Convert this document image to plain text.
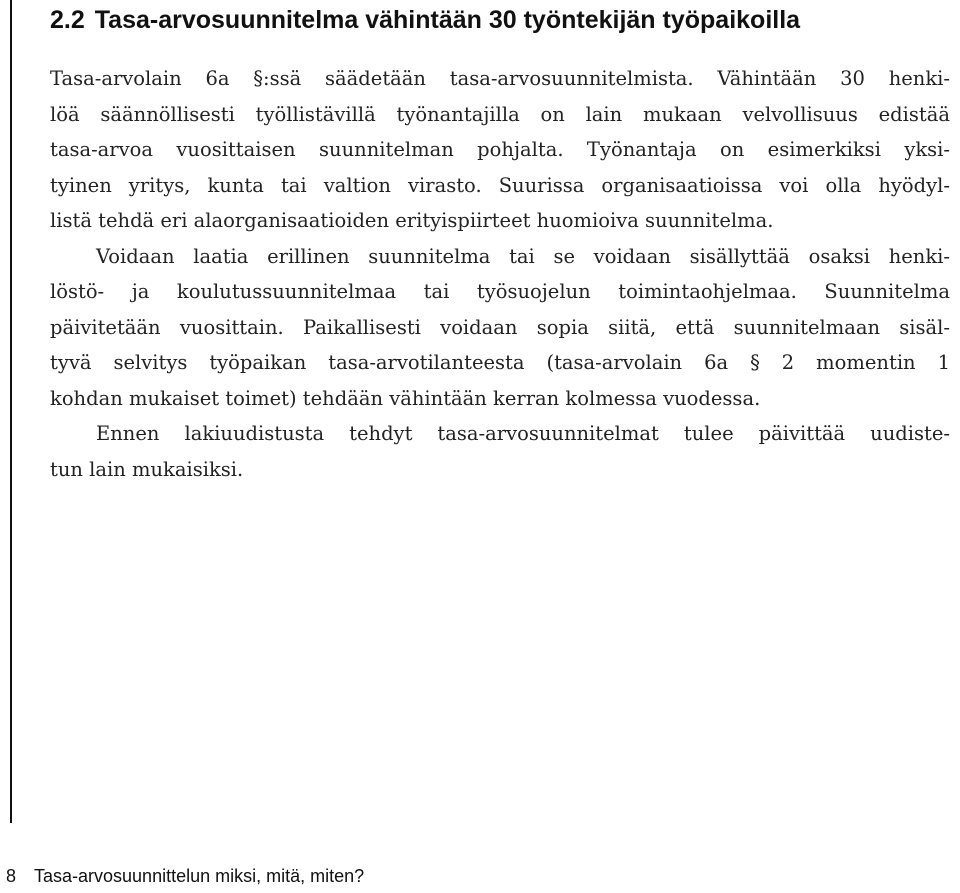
2.2 Tasa-arvosuunnitelma vähintään 30 työntekijän työpaikoilla
Tasa-arvolain 6a §:ssä säädetään tasa-arvosuunnitelmista. Vähintään 30 henki-
löä säännöllisesti työllistävillä työnantajilla on lain mukaan velvollisuus edistää
tasa-arvoa vuosittaisen suunnitelman pohjalta. Työnantaja on esimerkiksi yksi-
tyinen yritys, kunta tai valtion virasto. Suurissa organisaatioissa voi olla hyödyl-
listä tehdä eri alaorganisaatioiden erityispiirteet huomioiva suunnitelma.
Voidaan laatia erillinen suunnitelma tai se voidaan sisällyttää osaksi henki-
löstö- ja koulutussuunnitelmaa tai työsuojelun toimintaohjelmaa. Suunnitelma
päivitetään vuosittain. Paikallisesti voidaan sopia siitä, että suunnitelmaan sisäl-
tyvä selvitys työpaikan tasa-arvotilanteesta (tasa-arvolain 6a § 2 momentin 1
kohdan mukaiset toimet) tehdään vähintään kerran kolmessa vuodessa.
Ennen lakiuudistusta tehdyt tasa-arvosuunnitelmat tulee päivittää uudiste-
tun lain mukaisiksi.
8 Tasa-arvosuunnittelun miksi, mitä, miten?
